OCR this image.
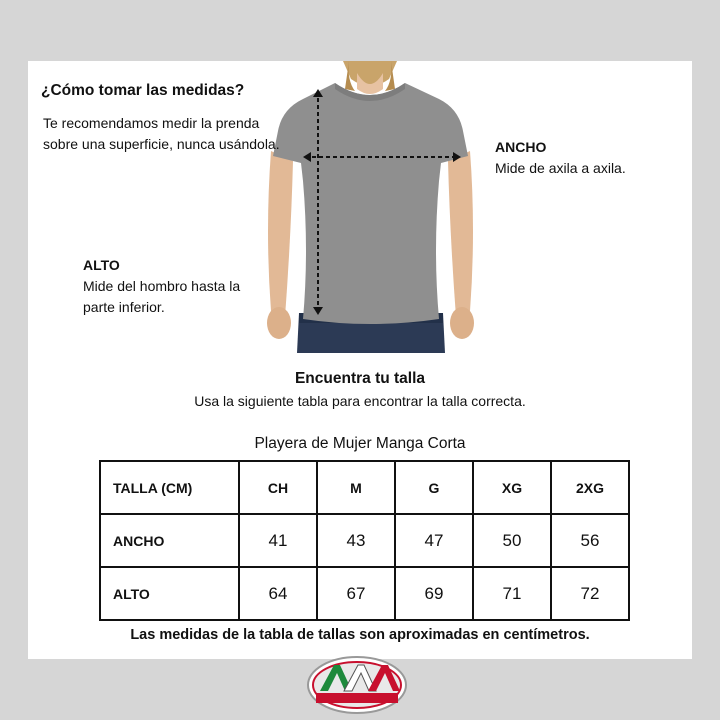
¿Cómo tomar las medidas?

Te recomendamos medir la prenda sobre una superficie, nunca usándola.	ANCHO
Mide de axila a axila.
ALTO
Mide del hombro hasta la parte inferior.
Encuentra tu talla

Usa la siguiente tabla para encontrar la talla correcta.

Playera de Mujer Manga Corta

TALLA (CM)	CH	M	G	XG	2XG
ANCHO	41	43	47	50	56
ALTO	64	67	69	71	72

Las medidas de la tabla de tallas son aproximadas en centímetros.
